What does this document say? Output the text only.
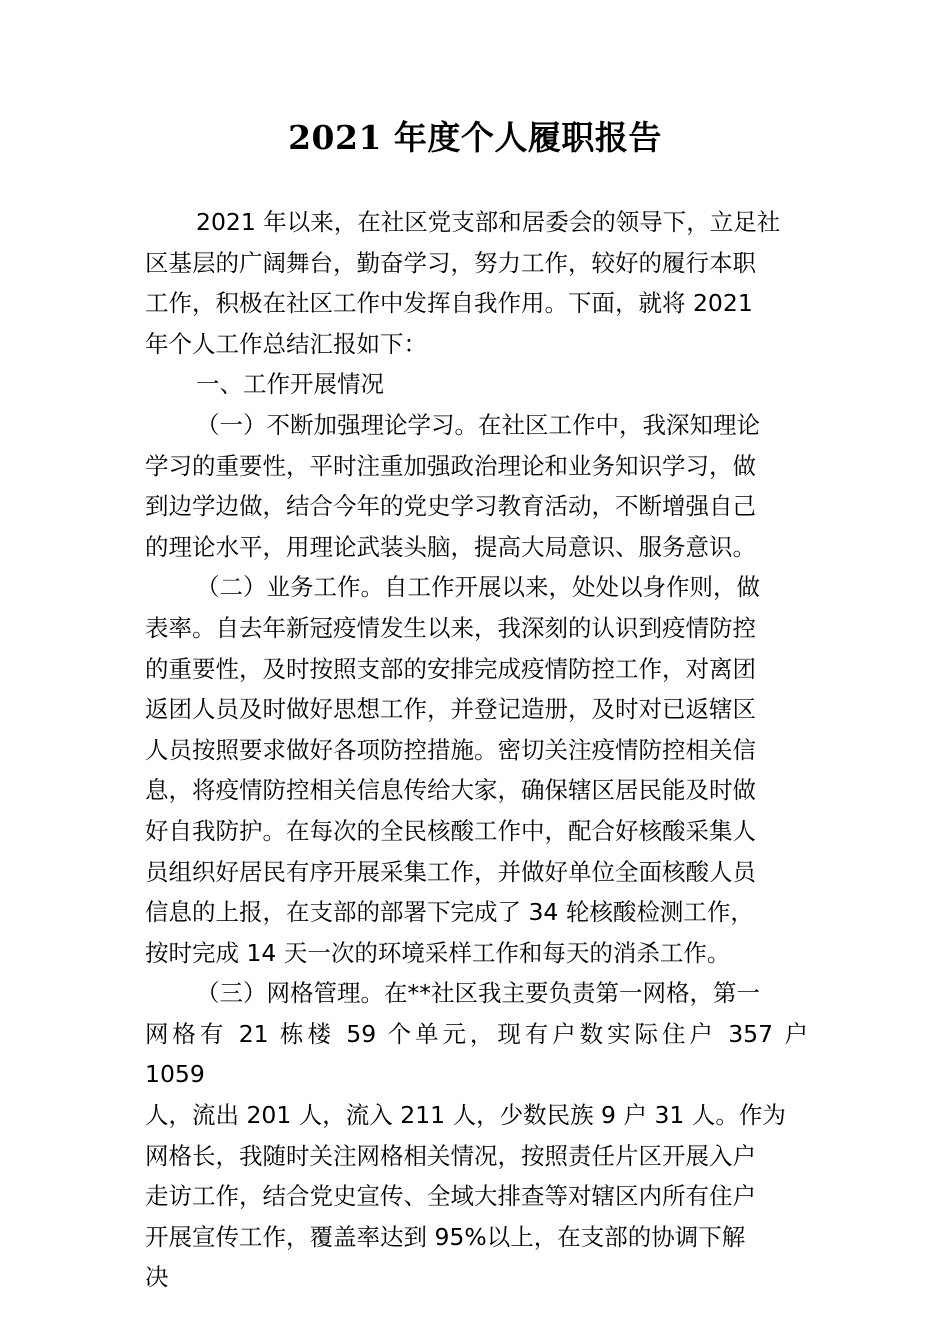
2021 年度个人履职报告
2021 年以来，在社区党支部和居委会的领导下，立足社
区基层的广阔舞台，勤奋学习，努力工作，较好的履行本职
工作，积极在社区工作中发挥自我作用。下面，就将 2021
年个人工作总结汇报如下：
一、工作开展情况
（一）不断加强理论学习。在社区工作中，我深知理论
学习的重要性，平时注重加强政治理论和业务知识学习，做
到边学边做，结合今年的党史学习教育活动，不断增强自己
的理论水平，用理论武装头脑，提高大局意识、服务意识。
（二）业务工作。自工作开展以来，处处以身作则，做
表率。自去年新冠疫情发生以来，我深刻的认识到疫情防控
的重要性，及时按照支部的安排完成疫情防控工作，对离团
返团人员及时做好思想工作，并登记造册，及时对已返辖区
人员按照要求做好各项防控措施。密切关注疫情防控相关信
息，将疫情防控相关信息传给大家，确保辖区居民能及时做
好自我防护。在每次的全民核酸工作中，配合好核酸采集人
员组织好居民有序开展采集工作，并做好单位全面核酸人员
信息的上报，在支部的部署下完成了 34 轮核酸检测工作，
按时完成 14 天一次的环境采样工作和每天的消杀工作。
（三）网格管理。在**社区我主要负责第一网格，第一
网格有 21 栋楼 59 个单元，现有户数实际住户 357 户
1059
人，流出 201 人，流入 211 人，少数民族 9 户 31 人。作为
网格长，我随时关注网格相关情况，按照责任片区开展入户
走访工作，结合党史宣传、全域大排查等对辖区内所有住户
开展宣传工作，覆盖率达到 95%以上，在支部的协调下解
决
